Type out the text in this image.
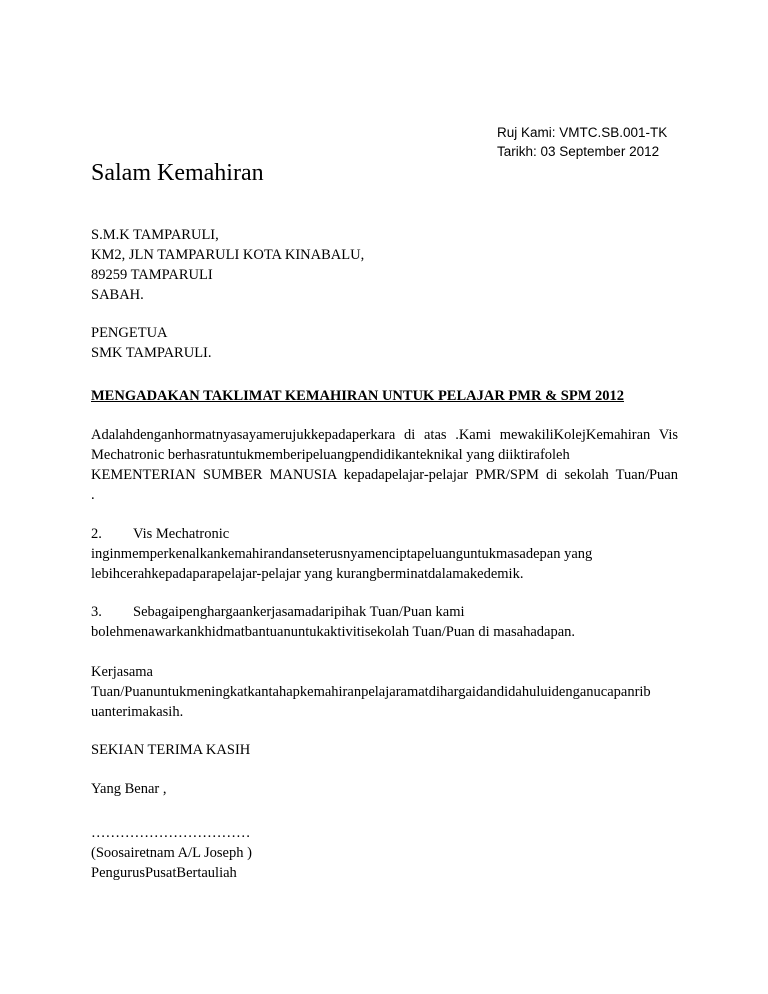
Ruj Kami: VMTC.SB.001-TK
Tarikh: 03 September 2012
Salam Kemahiran
S.M.K TAMPARULI,
KM2, JLN TAMPARULI KOTA KINABALU,
89259 TAMPARULI
SABAH.
PENGETUA
SMK TAMPARULI.
MENGADAKAN TAKLIMAT KEMAHIRAN UNTUK PELAJAR PMR & SPM 2012
Adalahdenganhormatnyasayamerujukkepadaperkara di atas .Kami mewakiliKolejKemahiran Vis
Mechatronic berhasratuntukmemberipeluangpendidikanteknikal yang diiktirafoleh
KEMENTERIAN SUMBER MANUSIA kepadapelajar-pelajar PMR/SPM di sekolah Tuan/Puan
.
2. Vis Mechatronic
inginmemperkenalkankemahirandanseterusnyamenciptapeluanguntukmasadepan yang
lebihcerahkepadaparapelajar-pelajar yang kurangberminatdalamakedemik.
3. Sebagaipenghargaankerjasamadaripihak Tuan/Puan kami
bolehmenawarkankhidmatbantuanuntukaktivitisekolah Tuan/Puan di masahadapan.
Kerjasama
Tuan/Puanuntukmeningkatkantahapkemahiranpelajaramatdihargaidandidahuluidenganucapanrib
uanterimakasih.
SEKIAN TERIMA KASIH
Yang Benar ,
……………………………
(Soosairetnam A/L Joseph )
PengurusPusatBertauliah
